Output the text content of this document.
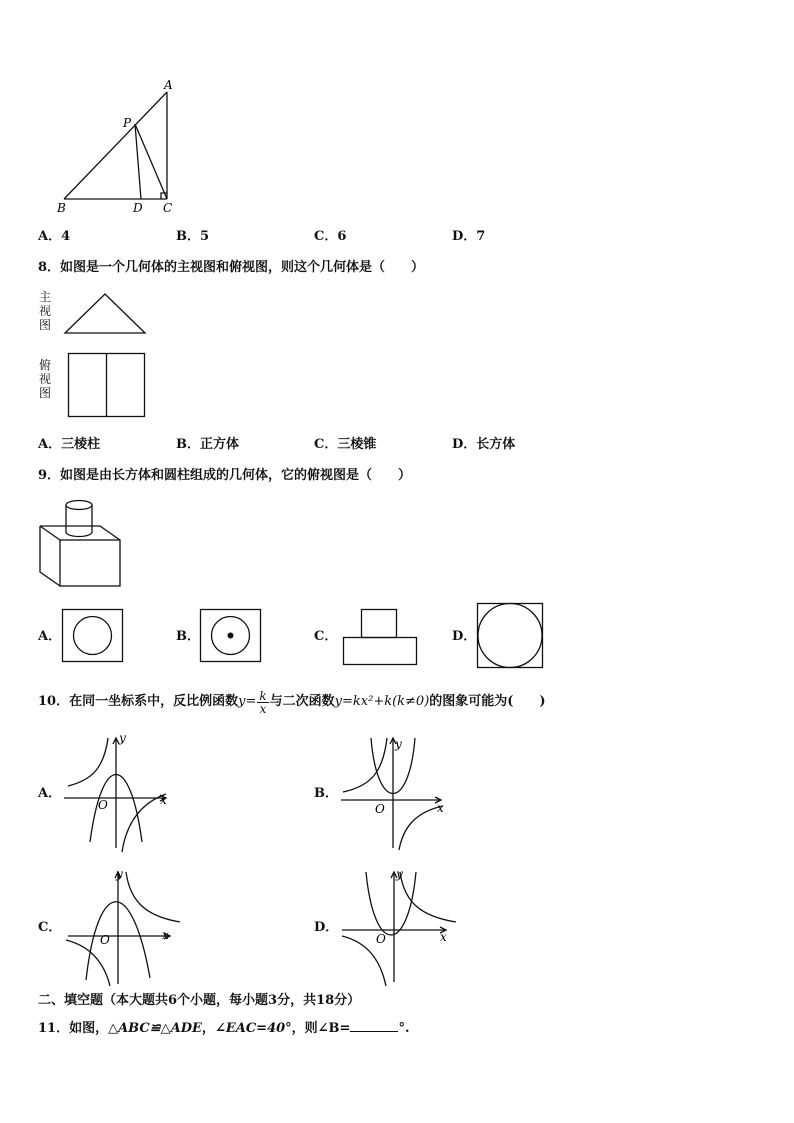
A
P
B	D C
A．4	B．5	C．6	D．7
8．如图是一个几何体的主视图和俯视图，则这个几何体是（　　）
主
视
图
俯
视
图
A．三棱柱	B．正方体	C．三棱锥	D．长方体
9．如图是由长方体和圆柱组成的几何体，它的俯视图是（　　）
A．	B．	C．	D．
10．在同一坐标系中，反比例函数 $y = \frac{k}{x}$ 与二次函数 y=kx²+k(k≠0) 的图象可能为(　　)
A．	x
y
O
B．
x
y
O
C．	x
y
O
D．
x
y
O
二、填空题（本大题共6个小题，每小题3分，共18分）
11．如图，△ABC≌△ADE，∠EAC=40°，则∠B=	°.
